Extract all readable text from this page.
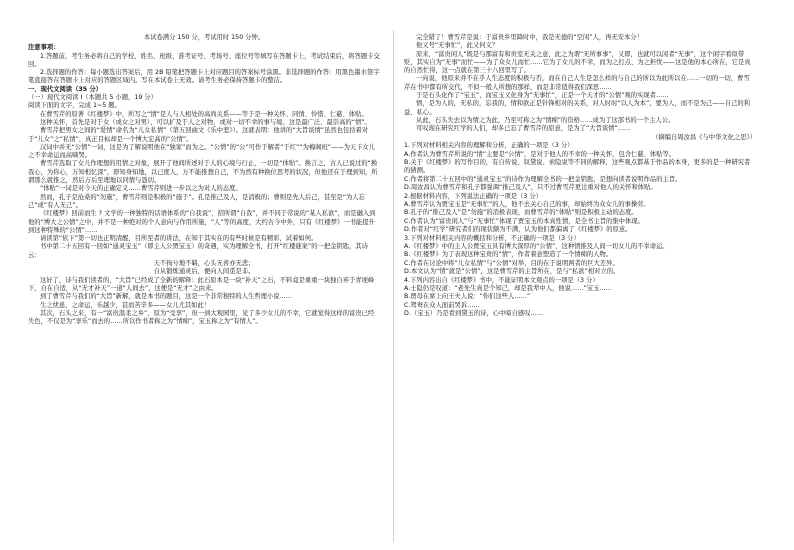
本试卷满分 150 分，考试用时 150 分钟。

注意事项：

1.答题前，考生务必将自己的学校、姓名、班级、准考证号、考场号、座位号等填写在答题卡上，考试结束后，将答题卡交回。

2.选择题的作答：每小题选出答案后，用 2B 铅笔把答题卡上对应题目的答案标号涂黑。非选择题的作答：用黑色墨水签字笔直接答在答题卡上对应的答题区域内。写在本试卷上无效。请考生务必保持答题卡的整洁。

一、现代文阅读（35 分）

（一）现代文阅读 I（本题共 5 小题，19 分）

阅读下面的文字，完成 1~5 题。

在曹雪芹的原著《红楼梦》中，所写之“情”是人与人相处的高尚关系——等于是一种关怀、同情、怜惜、仁慈、体贴。

这种关怀，首先是对于女（或女之对男），可以扩及于人之对物，或对一切不幸的事与境。这是最广泛、最崇高的“情”。

曹雪芹把男女之间的“爱情”命名为“儿女私情”（第五回曲文《乐中悲》）。这就表明：他讲的“大旨谈情”虽然也包括着对于“儿女”之“私情”，真正目标却是一个博大宏高的“公情”。

汉词中并无“公情”一词，这是为了解说明他在“独家”而为之。“公情”的“公”可作于解者“于红”“为梅阁班”——为天下女儿之不幸命运而高嘀哭。

曹雪芹选取了女儿作理想的用情之对象，展开了他间所述对于人的心境与行止，一切是“体贴”。换言之，古人已说过的“换我心，为你心，万知相忆深”，即知身知地，以已度人，万不能推想自己，不为然有种换位思考的状况，但他还在于理到知，所谓那么就推之，然后万后至理地以同情与恳切。

“体贴”一词是对今天的正确定义……曹雪芹则进一步以之为对人的态度。

然而，孔子是沧桑的“勿施”，曹雪芹则是积极的“施于”。孔是推己及人，是消极的；曹则是先人后己，甚至是“为人忘己”或“有人无己”。

《红楼梦》回前而生 ? 文学的一种独特的话语体系的“自我说”，招所谓“自我”，并不同于常说的“某人私欲”，而是融入到他的“博大之公情”之中，并不是一种绝对的个人意向与作用所施，“人”等的高度，大约古今中外，只有《红楼梦》一书能提升到这种特殊的“公情”……

请读第“依下”第一切也正明清醒，目所至者的讲法，在知于其实在的有些时候是有精彩，试着如何。

书中第二十五回有一回如“通灵宝玉”（即主人公贾宝玉）的奇遇，实为理解全书，打开“红楼谜案”的一把金钥匙，其诗云：

天不拘兮地不羁，心头无喜亦无悲；

自从锻炼通灵后，便向人间觅是非。

这好了，诗与我们读者的，“大旨”已经成了全新的解释：此石原本是一块“补天”之石，不料竟是重重一块独自弃于青埂峰下，自在自适，从“无才补天”一道“人间去”，这便是“无才”之由来。

到了曹雪芹与我们的“大旨”新解，就是本书的题目，这是一个非常独特的人生哲理小说……

生之忧患，之命运，乐越少，甚而苦辛多——女儿尤其如此！

其次，石头之来，有一“富贵温柔之乡”，原为“受享”，但一到大观园里，见了多少女儿的不幸，它就觉得这样的富贵已经失色，不仅是为“享乐”而去的……所以作书者称之为“情痴”，宝玉称之为“有情人”。

完全错了！曹雪芹是说：于富贵乡里降时中，我是无德的“空闲”人，再无安本分！

他又号“无事忙”，此又何义？

原来，“富贵闲人”既是与那富有和贵室无关之意，此之为谓“无所事事”，又即，也就可以闲者“无事”，这个闲字看似带贬，其实自为“无事”而忙——为了众女儿而忙……它为了女儿的不幸，而为之打点、为之担忧——这是他的本心所在，它是真的自然忙得，这一点就在第三十八回里写了。

一向说，他原来并不在乎人生态度的积极与否，而在自己人生是怎么样的与自己的所以为此所以在……一切的一切，曹雪芹在书中都有所交代，不似一般人所想的那样，而是非常值得我们深思……

于是石头化作了“宝玉”，而宝玉又化身为“无事忙”，正是一个天才的“公情”观的实现者……

情，是为人的，无私的，忘我的，情和欲正是针锋相对的关系，对人时时“以人为本”，要为人，而不是为己——自己的利益、私心。

从此，石头失去以为情之为此，乃至可称之为“情痴”的资格……成为了这部书的一个主人公。

可叹现在研究红学的人们，却多已忘了曹雪芹的原意，是为了“大旨谈情”……

（摘编自周汝昌《与中华文化之思》）

1.下列对材料相关内容的理解和分析，正确的一项是（3 分）

A.作者认为曹雪芹所说的“情”主要是“公情”，是对于他人的不幸的一种关怀，包含仁慈、体贴等。

B.关于《红楼梦》的写作目的，有自传说、钗黛说、索隐说等不同的解释，这些观点都基于作品的本身，更多的是一种研究者的猜测。

C.作者将第二十五回中的“通灵宝玉”的诗作为理解全书的一把金钥匙，是想向读者说明作品的主旨。

D.周汝昌认为曹雪芹和孔子都强调“推己及人”，只不过曹雪芹更注重对他人的关怀和体贴。

2.根据材料内容，下列说法正确的一项是（3 分）

A.曹雪芹认为贾宝玉是“无事忙”的人，他不去关心自己的事，却始终为众女儿的事操劳。

B.孔子的“推己及人”是“勿施”的消极表现，而曹雪芹的“体贴”则是积极主动的态度。

C.作者认为“富贵闲人”与“无事忙”体现了贾宝玉的本真性情，是全书主旨的集中体现。

D.作者对“红学”研究者们的现状颇为不满，认为他们都偏离了《红楼梦》的原意。

3.下列对材料相关内容的概括和分析，不正确的一项是（3 分）

A.《红楼梦》中的主人公贾宝玉具有博大深厚的“公情”，这种情推及人间一切女儿的不幸命运。

B.《红楼梦》为了表现这种宝贵的“情”，作者着意塑造了一个情痴的人物。

C.作者在讨论中将“儿女私情”与“公情”对举，目的在于说明两者的巨大差异。

D.本文认为“情”就是“公情”，这是曹雪芹的主旨所在，是与“私欲”相对立的。

4.下列内容出自《红楼梦》书中，不能证明本文观点的一项是（3 分）

A.士隐仍是叹道：“老先生真是个知己，却是我辈中人，他说……”宝玉……

B.贾母在席上向王夫人说：“你们这些人……”

C.鸳鸯在众人面前哭诉……

D.（宝玉）乃是看到黛玉的诗，心中暗自感叹……
